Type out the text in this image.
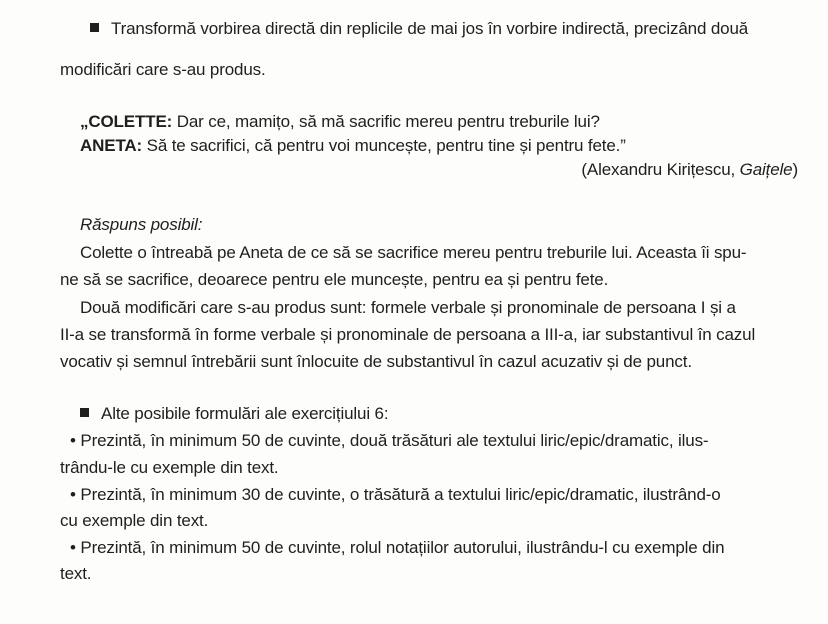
Transformă vorbirea directă din replicile de mai jos în vorbire indirectă, precizând două
modificări care s-au produs.
„COLETTE: Dar ce, mamițo, să mă sacrific mereu pentru treburile lui?
ANETA: Să te sacrifici, că pentru voi muncește, pentru tine și pentru fete.”
(Alexandru Kirițescu, Gaițele)
Răspuns posibil:
Colette o întreabă pe Aneta de ce să se sacrifice mereu pentru treburile lui. Aceasta îi spu-
ne să se sacrifice, deoarece pentru ele muncește, pentru ea și pentru fete.
Două modificări care s-au produs sunt: formele verbale și pronominale de persoana I și a
II-a se transformă în forme verbale și pronominale de persoana a III-a, iar substantivul în cazul
vocativ și semnul întrebării sunt înlocuite de substantivul în cazul acuzativ și de punct.
Alte posibile formulări ale exercițiului 6:
• Prezintă, în minimum 50 de cuvinte, două trăsături ale textului liric/epic/dramatic, ilus-
trându-le cu exemple din text.
• Prezintă, în minimum 30 de cuvinte, o trăsătură a textului liric/epic/dramatic, ilustrând-o
cu exemple din text.
• Prezintă, în minimum 50 de cuvinte, rolul notațiilor autorului, ilustrându-l cu exemple din
text.
